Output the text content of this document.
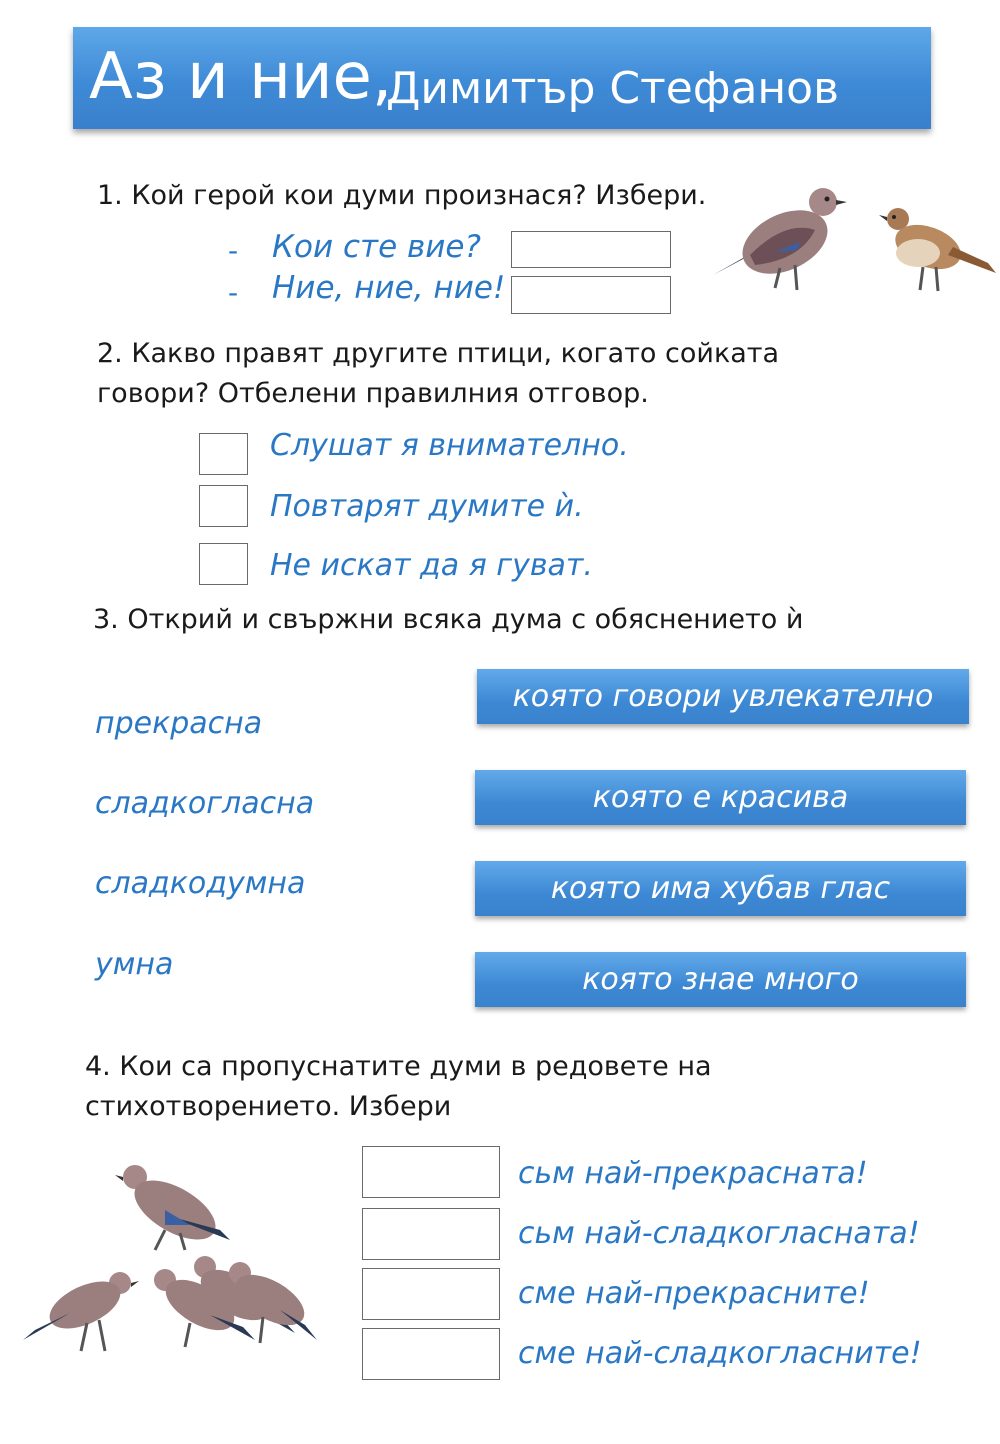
Аз и ние,
Димитър Стефанов
1. Кой герой кои думи произнася? Избери.
- Кои сте вие?
- Ние, ние, ние!
2. Какво правят другите птици, когато сойката
говори? Отбелени правилния отговор.
Слушат я внимателно.
Повтарят думите ѝ.
Не искат да я гуват.
3. Открий и свържни всяка дума с обяснението ѝ
прекрасна
сладкогласна
сладкодумна
умна
която говори увлекателно
която е красива
която има хубав глас
която знае много
4. Кои са пропуснатите думи в редовете на
стихотворението. Избери
сьм най-прекрасната!
сьм най-сладкогласната!
сме най-прекрасните!
сме най-сладкогласните!
